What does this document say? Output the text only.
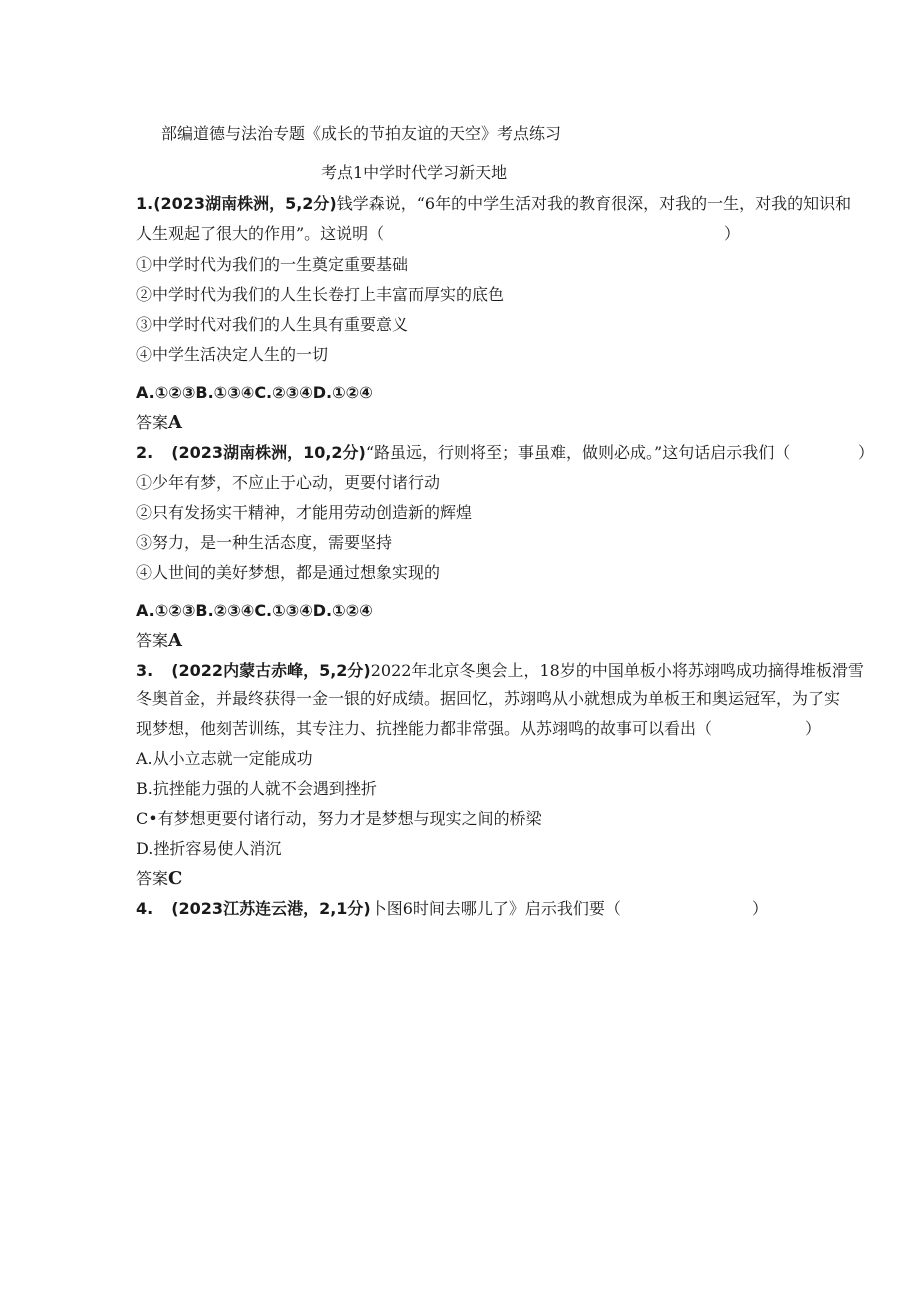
部编道德与法治专题《成长的节拍友谊的天空》考点练习
考点1中学时代学习新天地
1.(2023湖南株洲，5,2分)钱学森说，“6年的中学生活对我的教育很深，对我的一生，对我的知识和
人生观起了很大的作用”。这说明（	）
①中学时代为我们的一生奠定重要基础
②中学时代为我们的人生长卷打上丰富而厚实的底色
③中学时代对我们的人生具有重要意义
④中学生活决定人生的一切
A.①②③B.①③④C.②③④D.①②④
答案A
2. (2023湖南株洲，10,2分)“路虽远，行则将至；事虽难，做则必成。”这句话启示我们（	）
①少年有梦，不应止于心动，更要付诸行动
②只有发扬实干精神，才能用劳动创造新的辉煌
③努力，是一种生活态度，需要坚持
④人世间的美好梦想，都是通过想象实现的
A.①②③B.②③④C.①③④D.①②④
答案A
3. (2022内蒙古赤峰，5,2分)2022年北京冬奥会上，18岁的中国单板小将苏翊鸣成功摘得堆板滑雪
冬奥首金，并最终获得一金一银的好成绩。据回忆，苏翊鸣从小就想成为单板王和奥运冠军，为了实
现梦想，他刻苦训练，其专注力、抗挫能力都非常强。从苏翊鸣的故事可以看出（	）
A.从小立志就一定能成功
B.抗挫能力强的人就不会遇到挫折
C•有梦想更要付诸行动，努力才是梦想与现实之间的桥梁
D.挫折容易使人消沉
答案C
4. (2023江苏连云港，2,1分)卜图6时间去哪儿了》启示我们要（	）
